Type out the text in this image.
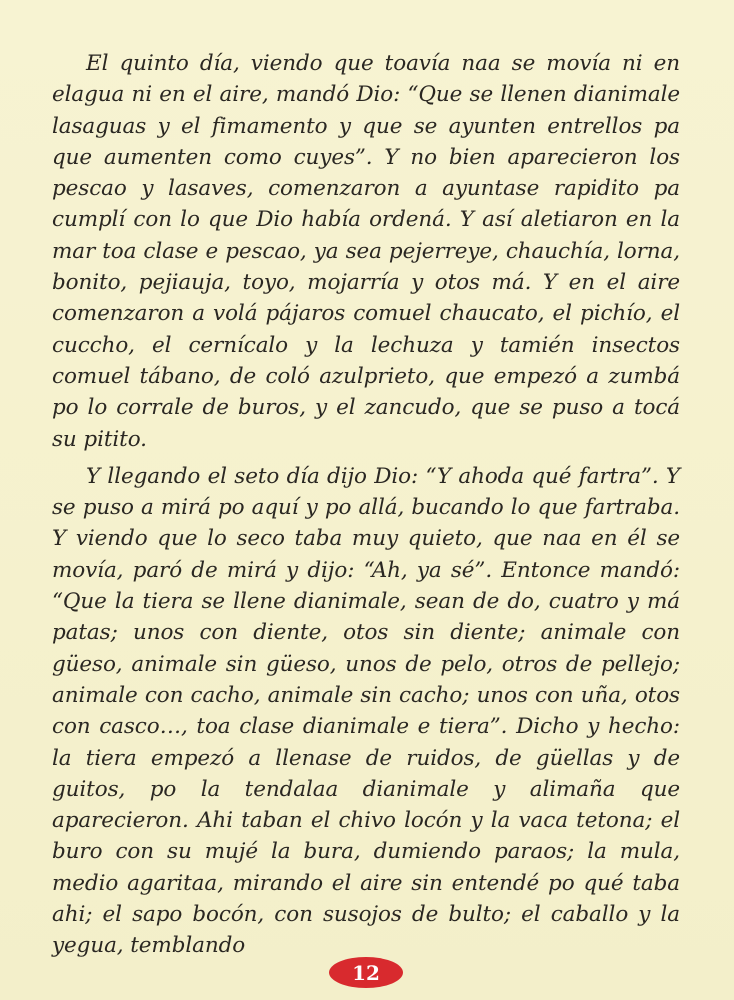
El quinto día, viendo que toavía naa se movía ni en elagua ni en el aire, mandó Dio: “Que se llenen dianimale lasaguas y el fimamento y que se ayunten entrellos pa que aumenten como cuyes”. Y no bien aparecieron los pescao y lasaves, comenzaron a ayuntase rapidito pa cumplí con lo que Dio había ordená. Y así aletiaron en la mar toa clase e pescao, ya sea pejerreye, chauchía, lorna, bonito, pejiauja, toyo, mojarría y otos má. Y en el aire comenzaron a volá pájaros comuel chaucato, el pichío, el cuccho, el cernícalo y la lechuza y tamién insectos comuel tábano, de coló azulprieto, que empezó a zumbá po lo corrale de buros, y el zancudo, que se puso a tocá su pitito.

Y llegando el seto día dijo Dio: “Y ahoda qué fartra”. Y se puso a mirá po aquí y po allá, bucando lo que fartraba. Y viendo que lo seco taba muy quieto, que naa en él se movía, paró de mirá y dijo: “Ah, ya sé”. Entonce mandó: “Que la tiera se llene dianimale, sean de do, cuatro y má patas; unos con diente, otos sin diente; animale con güeso, animale sin güeso, unos de pelo, otros de pellejo; animale con cacho, animale sin cacho; unos con uña, otos con casco…, toa clase dianimale e tiera”. Dicho y hecho: la tiera empezó a llenase de ruidos, de güellas y de guitos, po la tendalaa dianimale y alimaña que aparecieron. Ahi taban el chivo locón y la vaca tetona; el buro con su mujé la bura, dumiendo paraos; la mula, medio agaritaa, mirando el aire sin entendé po qué taba ahi; el sapo bocón, con susojos de bulto; el caballo y la yegua, temblando

12
